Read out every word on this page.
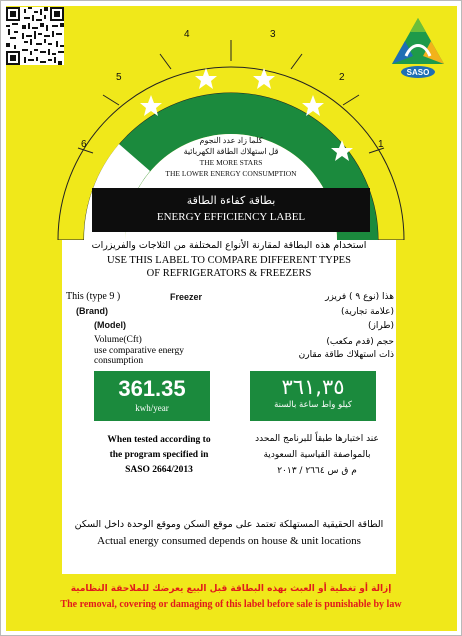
SASO
1
2
3
4
5
6	كلما زاد عدد النجوم
قل استهلاك الطاقة الكهربائية
THE MORE STARS
THE LOWER ENERGY CONSUMPTION
بطاقة كفاءة الطاقة
ENERGY EFFICIENCY LABEL
استخدام هذه البطاقة لمقارنة الأنواع المختلفة من الثلاجات والفريزرات
USE THIS LABEL TO COMPARE DIFFERENT TYPES
OF REFRIGERATORS & FREEZERS
This (type 9 )	Freezer	هذا (نوع ٩ ) فريزر
(Brand)	(علامة تجارية)
(Model)	(طراز)
Volume(Cft)	حجم (قدم مكعب)
use comparative energy
consumption
ذات استهلاك طاقة مقارن
361.35
kwh/year
٣٦١,٣٥
كيلو واط ساعة بالسنة
When tested according to
the program specified in
SASO 2664/2013
عند اختبارها طبقاً للبرنامج المحدد
بالمواصفة القياسية السعودية
م ق س ٢٦٦٤ / ٢٠١٣
الطاقة الحقيقية المستهلكة تعتمد على موقع السكن وموقع الوحدة داخل السكن
Actual energy consumed depends on house & unit locations
إزالة أو تغطية أو العبث بهذه البطاقة قبل البيع يعرضك للملاحقة النظامية
The removal, covering or damaging of this label before sale is punishable by law
